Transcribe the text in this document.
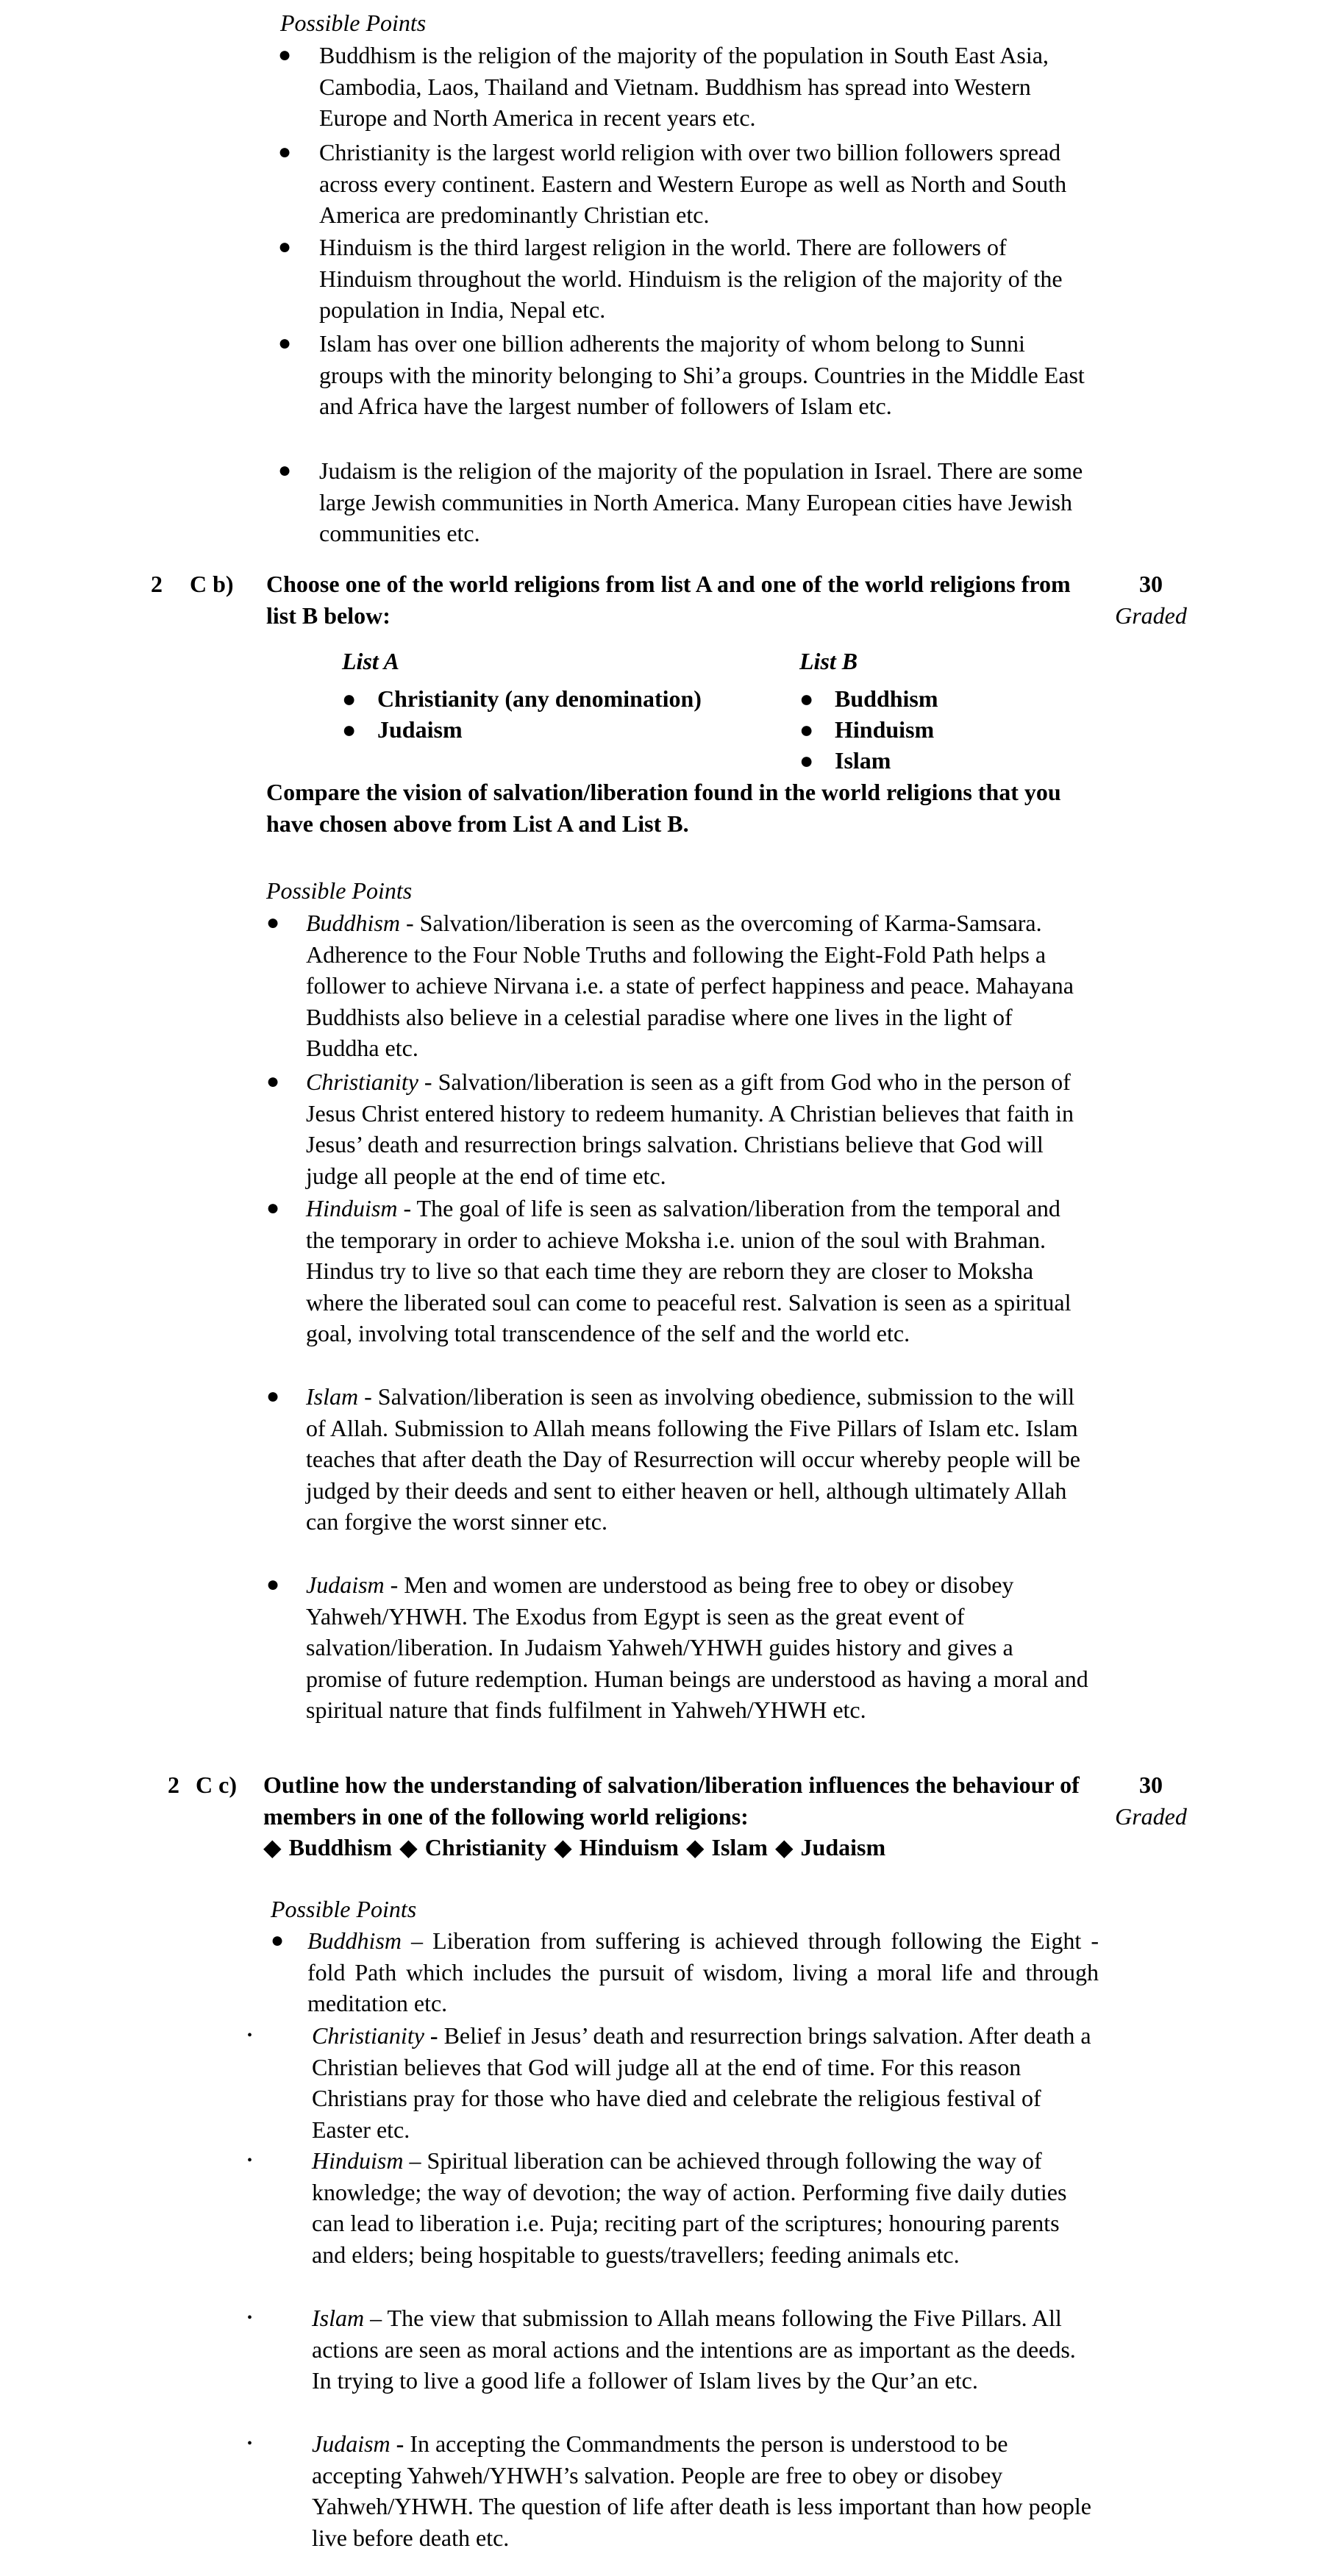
Possible Points
● Buddhism is the religion of the majority of the population in South East Asia, Cambodia, Laos, Thailand and Vietnam. Buddhism has spread into Western Europe and North America in recent years etc.
● Christianity is the largest world religion with over two billion followers spread across every continent. Eastern and Western Europe as well as North and South America are predominantly Christian etc.
● Hinduism is the third largest religion in the world. There are followers of Hinduism throughout the world. Hinduism is the religion of the majority of the population in India, Nepal etc.
● Islam has over one billion adherents the majority of whom belong to Sunni groups with the minority belonging to Shi’a groups. Countries in the Middle East and Africa have the largest number of followers of Islam etc.
● Judaism is the religion of the majority of the population in Israel. There are some large Jewish communities in North America. Many European cities have Jewish communities etc.
2 C b) Choose one of the world religions from list A and one of the world religions from list B below:
30
Graded
List A	List B
● Christianity (any denomination)
● Judaism
● Buddhism
● Hinduism
● Islam
Compare the vision of salvation/liberation found in the world religions that you have chosen above from List A and List B.
Possible Points
● Buddhism - Salvation/liberation is seen as the overcoming of Karma-Samsara. Adherence to the Four Noble Truths and following the Eight-Fold Path helps a follower to achieve Nirvana i.e. a state of perfect happiness and peace. Mahayana Buddhists also believe in a celestial paradise where one lives in the light of Buddha etc.
● Christianity - Salvation/liberation is seen as a gift from God who in the person of Jesus Christ entered history to redeem humanity. A Christian believes that faith in Jesus’ death and resurrection brings salvation. Christians believe that God will judge all people at the end of time etc.
● Hinduism - The goal of life is seen as salvation/liberation from the temporal and the temporary in order to achieve Moksha i.e. union of the soul with Brahman. Hindus try to live so that each time they are reborn they are closer to Moksha where the liberated soul can come to peaceful rest. Salvation is seen as a spiritual goal, involving total transcendence of the self and the world etc.
● Islam - Salvation/liberation is seen as involving obedience, submission to the will of Allah. Submission to Allah means following the Five Pillars of Islam etc. Islam teaches that after death the Day of Resurrection will occur whereby people will be judged by their deeds and sent to either heaven or hell, although ultimately Allah can forgive the worst sinner etc.
● Judaism - Men and women are understood as being free to obey or disobey Yahweh/YHWH. The Exodus from Egypt is seen as the great event of salvation/liberation. In Judaism Yahweh/YHWH guides history and gives a promise of future redemption. Human beings are understood as having a moral and spiritual nature that finds fulfilment in Yahweh/YHWH etc.
2 C c) Outline how the understanding of salvation/liberation influences the behaviour of members in one of the following world religions:
◆ Buddhism ◆ Christianity ◆ Hinduism ◆ Islam ◆ Judaism
30
Graded
Possible Points
● Buddhism – Liberation from suffering is achieved through following the Eight - fold Path which includes the pursuit of wisdom, living a moral life and through meditation etc.
•	Christianity - Belief in Jesus’ death and resurrection brings salvation. After death a Christian believes that God will judge all at the end of time. For this reason Christians pray for those who have died and celebrate the religious festival of Easter etc.
•	Hinduism – Spiritual liberation can be achieved through following the way of knowledge; the way of devotion; the way of action. Performing five daily duties can lead to liberation i.e. Puja; reciting part of the scriptures; honouring parents and elders; being hospitable to guests/travellers; feeding animals etc.
•	Islam – The view that submission to Allah means following the Five Pillars. All actions are seen as moral actions and the intentions are as important as the deeds. In trying to live a good life a follower of Islam lives by the Qur’an etc.
•	Judaism - In accepting the Commandments the person is understood to be accepting Yahweh/YHWH’s salvation. People are free to obey or disobey Yahweh/YHWH. The question of life after death is less important than how people live before death etc.
